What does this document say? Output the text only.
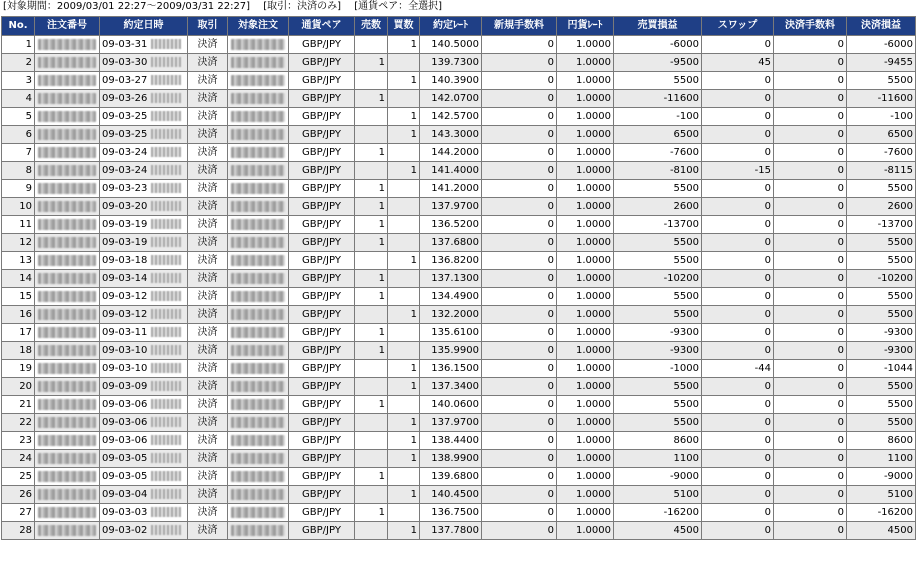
[対象期間：2009/03/01 22:27～2009/03/31 22:27] [取引：決済のみ] [通貨ペア：全選択]
No.	注文番号	約定日時	取引	対象注文	通貨ペア	売数	買数	約定ﾚｰﾄ	新規手数料	円貨ﾚｰﾄ	売買損益	スワップ	決済手数料	決済損益
1		09-03-31	決済		GBP/JPY		1	140.5000	0	1.0000	-6000	0	0	-6000
2		09-03-30	決済		GBP/JPY	1		139.7300	0	1.0000	-9500	45	0	-9455
3		09-03-27	決済		GBP/JPY		1	140.3900	0	1.0000	5500	0	0	5500
4		09-03-26	決済		GBP/JPY	1		142.0700	0	1.0000	-11600	0	0	-11600
5		09-03-25	決済		GBP/JPY		1	142.5700	0	1.0000	-100	0	0	-100
6		09-03-25	決済		GBP/JPY		1	143.3000	0	1.0000	6500	0	0	6500
7		09-03-24	決済		GBP/JPY	1		144.2000	0	1.0000	-7600	0	0	-7600
8		09-03-24	決済		GBP/JPY		1	141.4000	0	1.0000	-8100	-15	0	-8115
9		09-03-23	決済		GBP/JPY	1		141.2000	0	1.0000	5500	0	0	5500
10		09-03-20	決済		GBP/JPY	1		137.9700	0	1.0000	2600	0	0	2600
11		09-03-19	決済		GBP/JPY	1		136.5200	0	1.0000	-13700	0	0	-13700
12		09-03-19	決済		GBP/JPY	1		137.6800	0	1.0000	5500	0	0	5500
13		09-03-18	決済		GBP/JPY		1	136.8200	0	1.0000	5500	0	0	5500
14		09-03-14	決済		GBP/JPY	1		137.1300	0	1.0000	-10200	0	0	-10200
15		09-03-12	決済		GBP/JPY	1		134.4900	0	1.0000	5500	0	0	5500
16		09-03-12	決済		GBP/JPY		1	132.2000	0	1.0000	5500	0	0	5500
17		09-03-11	決済		GBP/JPY	1		135.6100	0	1.0000	-9300	0	0	-9300
18		09-03-10	決済		GBP/JPY	1		135.9900	0	1.0000	-9300	0	0	-9300
19		09-03-10	決済		GBP/JPY		1	136.1500	0	1.0000	-1000	-44	0	-1044
20		09-03-09	決済		GBP/JPY		1	137.3400	0	1.0000	5500	0	0	5500
21		09-03-06	決済		GBP/JPY	1		140.0600	0	1.0000	5500	0	0	5500
22		09-03-06	決済		GBP/JPY		1	137.9700	0	1.0000	5500	0	0	5500
23		09-03-06	決済		GBP/JPY		1	138.4400	0	1.0000	8600	0	0	8600
24		09-03-05	決済		GBP/JPY		1	138.9900	0	1.0000	1100	0	0	1100
25		09-03-05	決済		GBP/JPY	1		139.6800	0	1.0000	-9000	0	0	-9000
26		09-03-04	決済		GBP/JPY		1	140.4500	0	1.0000	5100	0	0	5100
27		09-03-03	決済		GBP/JPY	1		136.7500	0	1.0000	-16200	0	0	-16200
28		09-03-02	決済		GBP/JPY		1	137.7800	0	1.0000	4500	0	0	4500
